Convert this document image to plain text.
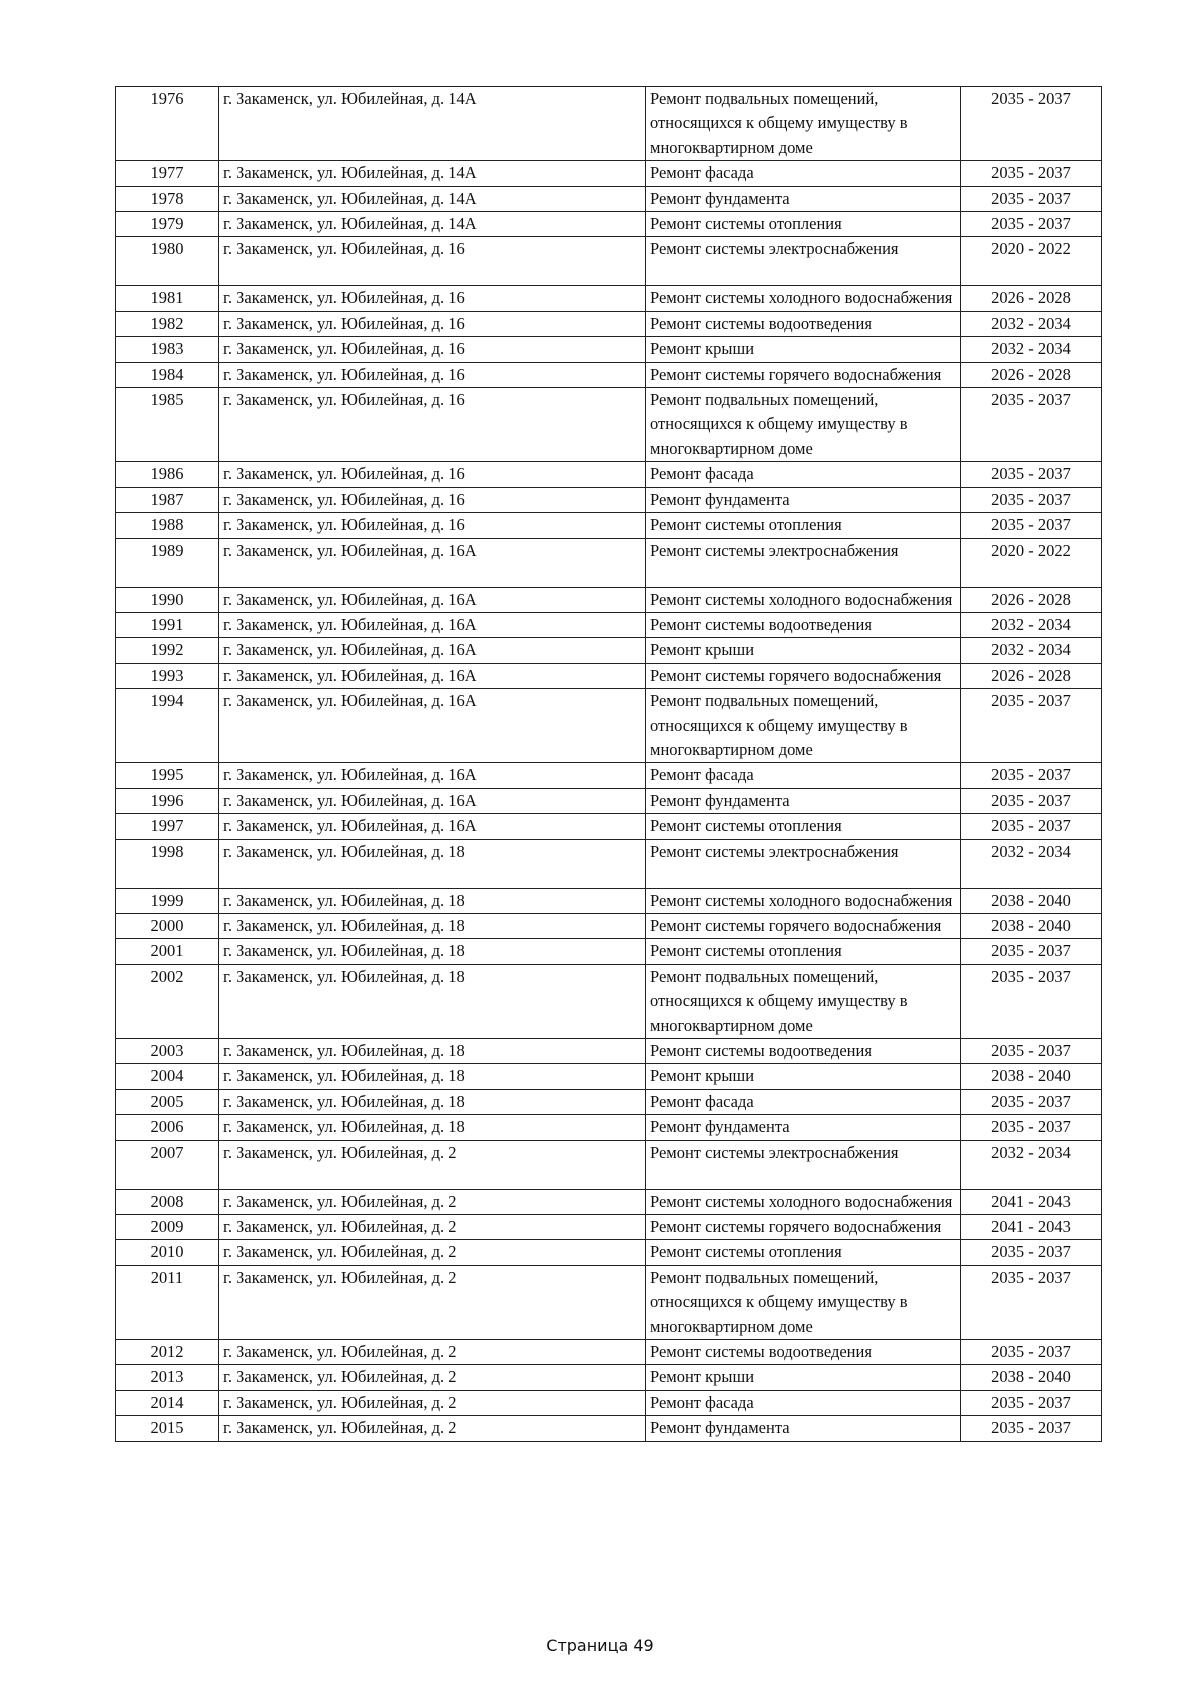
1976	г. Закаменск, ул. Юбилейная, д. 14А	Ремонт подвальных помещений, относящихся к общему имуществу в многоквартирном доме	2035 - 2037
1977	г. Закаменск, ул. Юбилейная, д. 14А	Ремонт фасада	2035 - 2037
1978	г. Закаменск, ул. Юбилейная, д. 14А	Ремонт фундамента	2035 - 2037
1979	г. Закаменск, ул. Юбилейная, д. 14А	Ремонт системы отопления	2035 - 2037
1980	г. Закаменск, ул. Юбилейная, д. 16	Ремонт системы электроснабжения	2020 - 2022
1981	г. Закаменск, ул. Юбилейная, д. 16	Ремонт системы холодного водоснабжения	2026 - 2028
1982	г. Закаменск, ул. Юбилейная, д. 16	Ремонт системы водоотведения	2032 - 2034
1983	г. Закаменск, ул. Юбилейная, д. 16	Ремонт крыши	2032 - 2034
1984	г. Закаменск, ул. Юбилейная, д. 16	Ремонт системы горячего водоснабжения	2026 - 2028
1985	г. Закаменск, ул. Юбилейная, д. 16	Ремонт подвальных помещений, относящихся к общему имуществу в многоквартирном доме	2035 - 2037
1986	г. Закаменск, ул. Юбилейная, д. 16	Ремонт фасада	2035 - 2037
1987	г. Закаменск, ул. Юбилейная, д. 16	Ремонт фундамента	2035 - 2037
1988	г. Закаменск, ул. Юбилейная, д. 16	Ремонт системы отопления	2035 - 2037
1989	г. Закаменск, ул. Юбилейная, д. 16А	Ремонт системы электроснабжения	2020 - 2022
1990	г. Закаменск, ул. Юбилейная, д. 16А	Ремонт системы холодного водоснабжения	2026 - 2028
1991	г. Закаменск, ул. Юбилейная, д. 16А	Ремонт системы водоотведения	2032 - 2034
1992	г. Закаменск, ул. Юбилейная, д. 16А	Ремонт крыши	2032 - 2034
1993	г. Закаменск, ул. Юбилейная, д. 16А	Ремонт системы горячего водоснабжения	2026 - 2028
1994	г. Закаменск, ул. Юбилейная, д. 16А	Ремонт подвальных помещений, относящихся к общему имуществу в многоквартирном доме	2035 - 2037
1995	г. Закаменск, ул. Юбилейная, д. 16А	Ремонт фасада	2035 - 2037
1996	г. Закаменск, ул. Юбилейная, д. 16А	Ремонт фундамента	2035 - 2037
1997	г. Закаменск, ул. Юбилейная, д. 16А	Ремонт системы отопления	2035 - 2037
1998	г. Закаменск, ул. Юбилейная, д. 18	Ремонт системы электроснабжения	2032 - 2034
1999	г. Закаменск, ул. Юбилейная, д. 18	Ремонт системы холодного водоснабжения	2038 - 2040
2000	г. Закаменск, ул. Юбилейная, д. 18	Ремонт системы горячего водоснабжения	2038 - 2040
2001	г. Закаменск, ул. Юбилейная, д. 18	Ремонт системы отопления	2035 - 2037
2002	г. Закаменск, ул. Юбилейная, д. 18	Ремонт подвальных помещений, относящихся к общему имуществу в многоквартирном доме	2035 - 2037
2003	г. Закаменск, ул. Юбилейная, д. 18	Ремонт системы водоотведения	2035 - 2037
2004	г. Закаменск, ул. Юбилейная, д. 18	Ремонт крыши	2038 - 2040
2005	г. Закаменск, ул. Юбилейная, д. 18	Ремонт фасада	2035 - 2037
2006	г. Закаменск, ул. Юбилейная, д. 18	Ремонт фундамента	2035 - 2037
2007	г. Закаменск, ул. Юбилейная, д. 2	Ремонт системы электроснабжения	2032 - 2034
2008	г. Закаменск, ул. Юбилейная, д. 2	Ремонт системы холодного водоснабжения	2041 - 2043
2009	г. Закаменск, ул. Юбилейная, д. 2	Ремонт системы горячего водоснабжения	2041 - 2043
2010	г. Закаменск, ул. Юбилейная, д. 2	Ремонт системы отопления	2035 - 2037
2011	г. Закаменск, ул. Юбилейная, д. 2	Ремонт подвальных помещений, относящихся к общему имуществу в многоквартирном доме	2035 - 2037
2012	г. Закаменск, ул. Юбилейная, д. 2	Ремонт системы водоотведения	2035 - 2037
2013	г. Закаменск, ул. Юбилейная, д. 2	Ремонт крыши	2038 - 2040
2014	г. Закаменск, ул. Юбилейная, д. 2	Ремонт фасада	2035 - 2037
2015	г. Закаменск, ул. Юбилейная, д. 2	Ремонт фундамента	2035 - 2037
Страница 49
